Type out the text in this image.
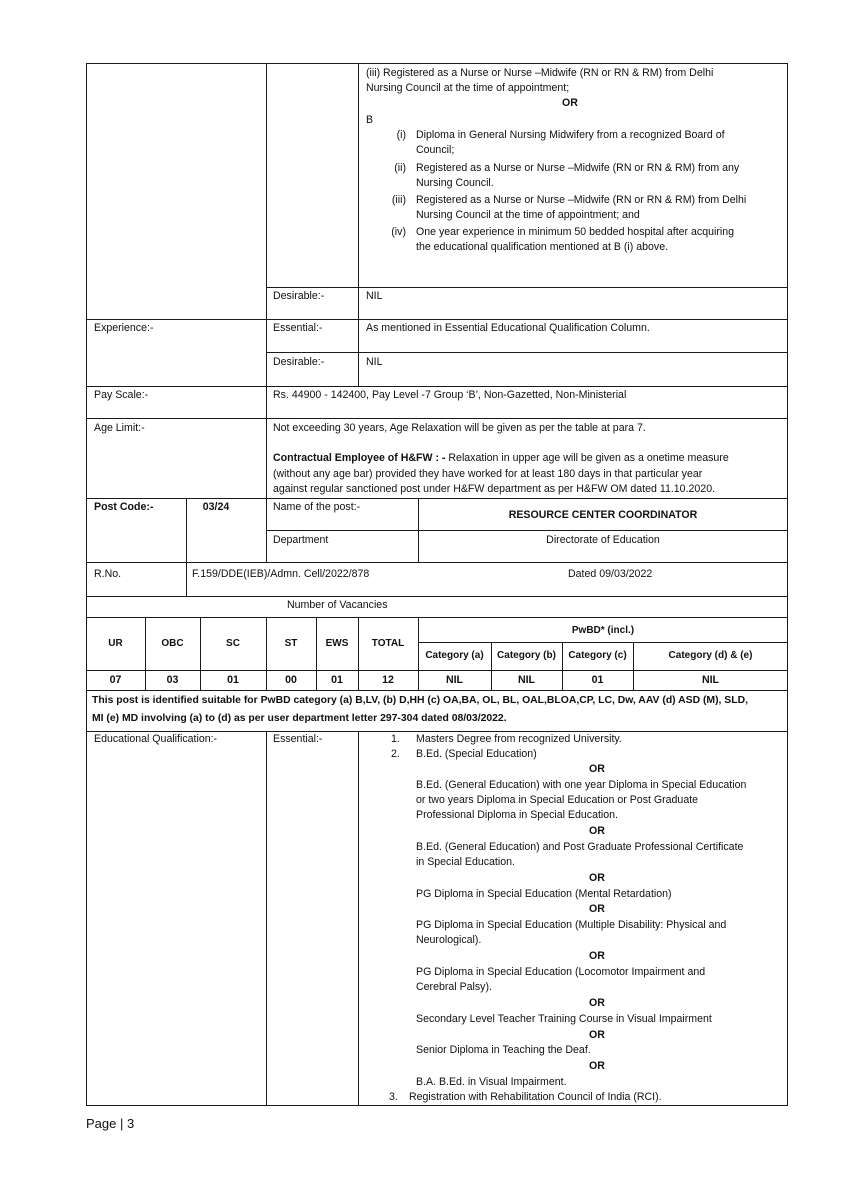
(iii) Registered as a Nurse or Nurse –Midwife (RN or RN & RM) from Delhi
Nursing Council at the time of appointment;
OR
B
(i) Diploma in General Nursing Midwifery from a recognized Board of
Council;
(ii) Registered as a Nurse or Nurse –Midwife (RN or RN & RM) from any
Nursing Council.
(iii) Registered as a Nurse or Nurse –Midwife (RN or RN & RM) from Delhi
Nursing Council at the time of appointment; and
(iv) One year experience in minimum 50 bedded hospital after acquiring
the educational qualification mentioned at B (i) above.
Desirable:-	NIL
Experience:-	Essential:-	As mentioned in Essential Educational Qualification Column.
Desirable:-	NIL
Pay Scale:-	Rs. 44900 - 142400, Pay Level -7 Group ‘B’, Non-Gazetted, Non-Ministerial
Age Limit:-	Not exceeding 30 years, Age Relaxation will be given as per the table at para 7.
Contractual Employee of H&FW : - Relaxation in upper age will be given as a onetime measure
(without any age bar) provided they have worked for at least 180 days in that particular year
against regular sanctioned post under H&FW department as per H&FW OM dated 11.10.2020.
Post Code:-	03/24	Name of the post:-
RESOURCE CENTER COORDINATOR
Department	Directorate of Education
R.No.	F.159/DDE(IEB)/Admn. Cell/2022/878	Dated 09/03/2022
Number of Vacancies
UR	OBC	SC	ST	EWS	TOTAL
PwBD* (incl.)
Category (a)	Category (b)	Category (c)	Category (d) & (e)
07	03	01	00	01	12	NIL	NIL	01	NIL
This post is identified suitable for PwBD category (a) B,LV, (b) D,HH (c) OA,BA, OL, BL, OAL,BLOA,CP, LC, Dw, AAV (d) ASD (M), SLD,
MI (e) MD involving (a) to (d) as per user department letter 297-304 dated 08/03/2022.
Educational Qualification:-	Essential:-	1. Masters Degree from recognized University.
2. B.Ed. (Special Education)
OR
B.Ed. (General Education) with one year Diploma in Special Education
or two years Diploma in Special Education or Post Graduate
Professional Diploma in Special Education.
OR
B.Ed. (General Education) and Post Graduate Professional Certificate
in Special Education.
OR
PG Diploma in Special Education (Mental Retardation)
OR
PG Diploma in Special Education (Multiple Disability: Physical and
Neurological).
OR
PG Diploma in Special Education (Locomotor Impairment and
Cerebral Palsy).
OR
Secondary Level Teacher Training Course in Visual Impairment
OR
Senior Diploma in Teaching the Deaf.
OR
B.A. B.Ed. in Visual Impairment.
3. Registration with Rehabilitation Council of India (RCI).
Page | 3
